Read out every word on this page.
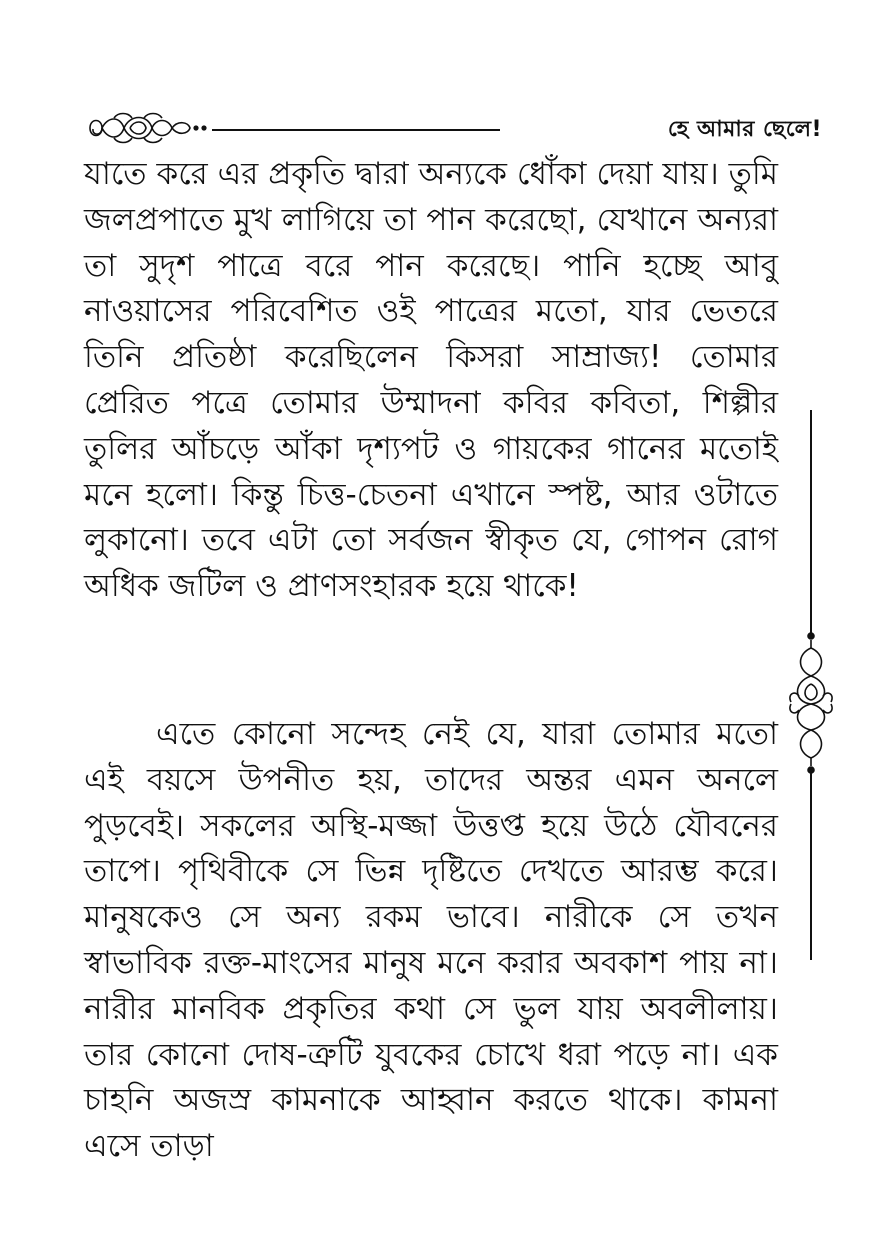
হে আমার ছেলে!

যাতে করে এর প্রকৃতি দ্বারা অন্যকে ধোঁকা দেয়া যায়। তুমি জলপ্রপাতে মুখ লাগিয়ে তা পান করেছো, যেখানে অন্যরা তা সুদৃশ পাত্রে বরে পান করেছে। পানি হচ্ছে আবু নাওয়াসের পরিবেশিত ওই পাত্রের মতো, যার ভেতরে তিনি প্রতিষ্ঠা করেছিলেন কিসরা সাম্রাজ্য! তোমার প্রেরিত পত্রে তোমার উম্মাদনা কবির কবিতা, শিল্পীর তুলির আঁচড়ে আঁকা দৃশ্যপট ও গায়কের গানের মতোই মনে হলো। কিন্তু চিত্ত-চেতনা এখানে স্পষ্ট, আর ওটাতে লুকানো। তবে এটা তো সর্বজন স্বীকৃত যে, গোপন রোগ অধিক জটিল ও প্রাণসংহারক হয়ে থাকে!

এতে কোনো সন্দেহ নেই যে, যারা তোমার মতো এই বয়সে উপনীত হয়, তাদের অন্তর এমন অনলে পুড়বেই। সকলের অস্থি-মজ্জা উত্তপ্ত হয়ে উঠে যৌবনের তাপে। পৃথিবীকে সে ভিন্ন দৃষ্টিতে দেখতে আরম্ভ করে। মানুষকেও সে অন্য রকম ভাবে। নারীকে সে তখন স্বাভাবিক রক্ত-মাংসের মানুষ মনে করার অবকাশ পায় না। নারীর মানবিক প্রকৃতির কথা সে ভুল যায় অবলীলায়। তার কোনো দোষ-ত্রুটি যুবকের চোখে ধরা পড়ে না। এক চাহনি অজস্র কামনাকে আহ্বান করতে থাকে। কামনা এসে তাড়া
